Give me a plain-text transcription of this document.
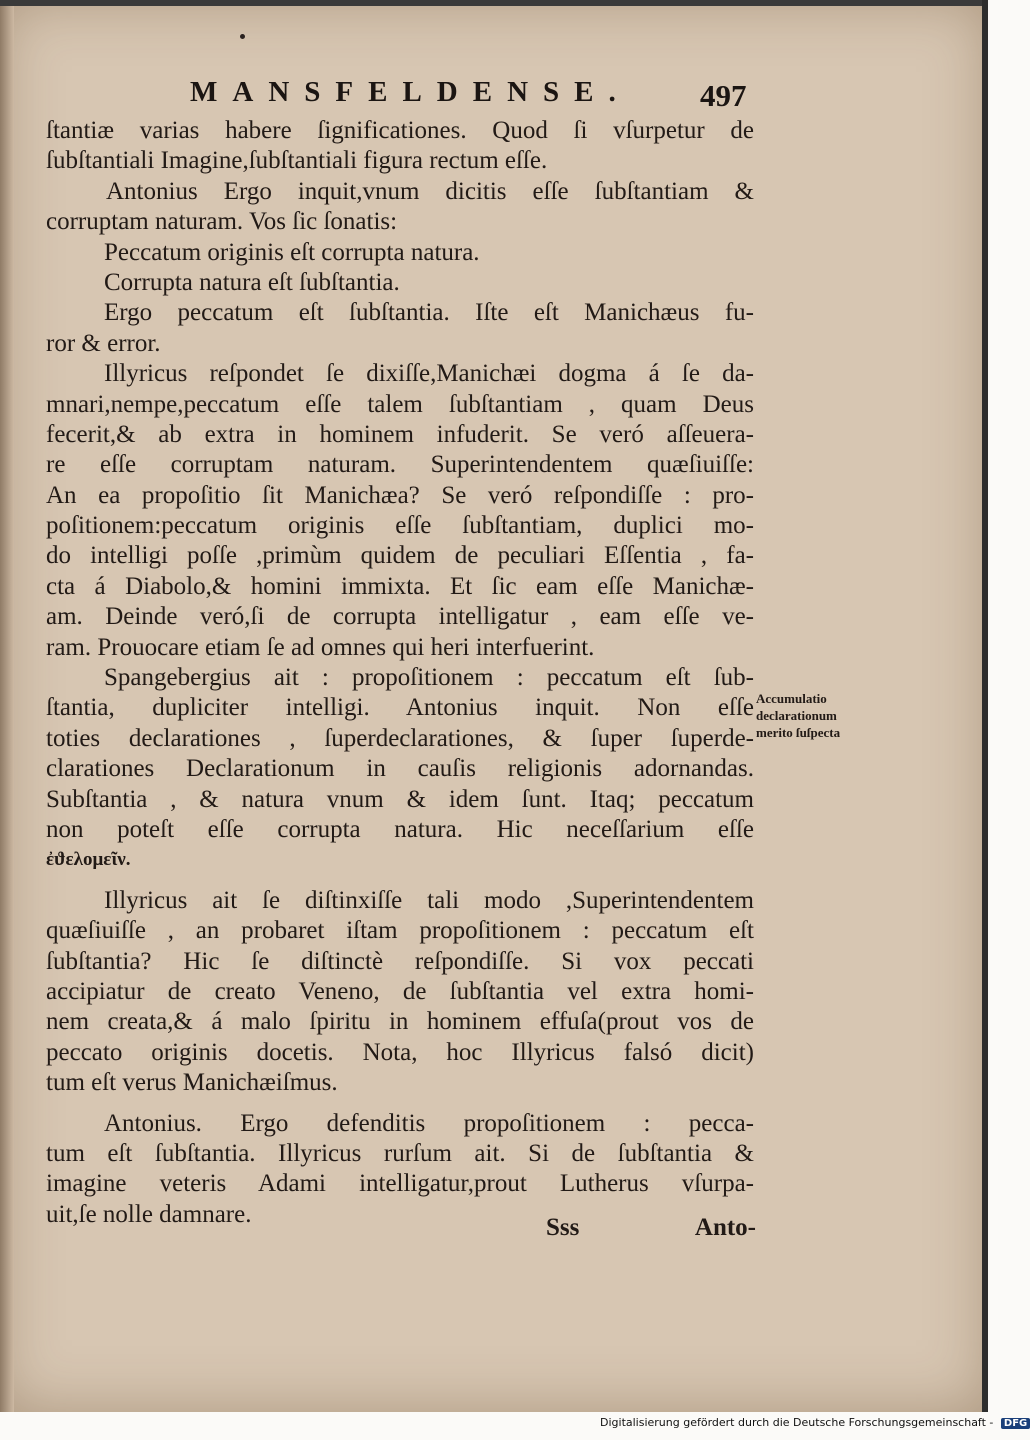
MANSFELDENSE. 497
ſtantiæ varias habere ſignificationes. Quod ſi vſurpetur de
ſubſtantiali Imagine,ſubſtantiali figura rectum eſſe.
Antonius Ergo inquit,vnum dicitis eſſe ſubſtantiam &
corruptam naturam. Vos ſic ſonatis:
Peccatum originis eſt corrupta natura.
Corrupta natura eſt ſubſtantia.
Ergo peccatum eſt ſubſtantia. Iſte eſt Manichæus fu-
ror & error.
Illyricus reſpondet ſe dixiſſe,Manichæi dogma á ſe da-
mnari,nempe,peccatum eſſe talem ſubſtantiam , quam Deus
fecerit,& ab extra in hominem infuderit. Se veró aſſeuera-
re eſſe corruptam naturam. Superintendentem quæſiuiſſe:
An ea propoſitio ſit Manichæa? Se veró reſpondiſſe : pro-
poſitionem:peccatum originis eſſe ſubſtantiam, duplici mo-
do intelligi poſſe ,primùm quidem de peculiari Eſſentia , fa-
cta á Diabolo,& homini immixta. Et ſic eam eſſe Manichæ-
am. Deinde veró,ſi de corrupta intelligatur , eam eſſe ve-
ram. Prouocare etiam ſe ad omnes qui heri interfuerint.
Spangebergius ait : propoſitionem : peccatum eſt ſub-
ſtantia, dupliciter intelligi. Antonius inquit. Non eſſe
toties declarationes , ſuperdeclarationes, & ſuper ſuperde-
clarationes Declarationum in cauſis religionis adornandas.
Subſtantia , & natura vnum & idem ſunt. Itaq; peccatum
non poteſt eſſe corrupta natura. Hic neceſſarium eſſe
ἐϑελομεῖν.
Illyricus ait ſe diſtinxiſſe tali modo ,Superintendentem
quæſiuiſſe , an probaret iſtam propoſitionem : peccatum eſt
ſubſtantia? Hic ſe diſtinctè reſpondiſſe. Si vox peccati
accipiatur de creato Veneno, de ſubſtantia vel extra homi-
nem creata,& á malo ſpiritu in hominem effuſa(prout vos de
peccato originis docetis. Nota, hoc Illyricus falsó dicit)
tum eſt verus Manichæiſmus.
Antonius. Ergo defenditis propoſitionem : pecca-
tum eſt ſubſtantia. Illyricus rurſum ait. Si de ſubſtantia &
imagine veteris Adami intelligatur,prout Lutherus vſurpa-
uit,ſe nolle damnare.
Accumulatio
declarationum
merito ſuſpecta
Sss	Anto-
Digitalisierung gefördert durch die Deutsche Forschungsgemeinschaft - DFG
